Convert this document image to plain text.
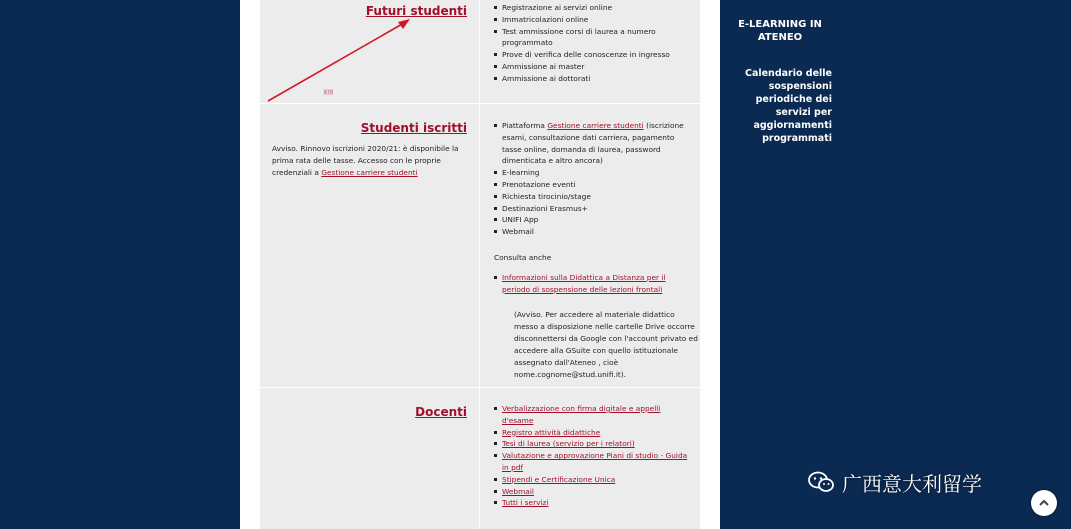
Futuri studenti
见图
Registrazione ai servizi online
Immatricolazioni online
Test ammissione corsi di laurea a numero programmato
Prove di verifica delle conoscenze in ingresso
Ammissione ai master
Ammissione ai dottorati
Studenti iscritti

Avviso. Rinnovo iscrizioni 2020/21: è disponibile la prima rata delle tasse. Accesso con le proprie credenziali a Gestione carriere studenti

Piattaforma Gestione carriere studenti (iscrizione esami, consultazione dati carriera, pagamento tasse online, domanda di laurea, password dimenticata e altro ancora)
E-learning
Prenotazione eventi
Richiesta tirocinio/stage
Destinazioni Erasmus+
UNIFI App
Webmail

Consulta anche

Informazioni sulla Didattica a Distanza per il periodo di sospensione delle lezioni frontali

(Avviso. Per accedere al materiale didattico messo a disposizione nelle cartelle Drive occorre disconnettersi da Google con l'account privato ed accedere alla GSuite con quello istituzionale assegnato dall'Ateneo , cioè nome.cognome@stud.unifi.it).

Docenti	Verbalizzazione con firma digitale e appelli d'esame
Registro attività didattiche
Tesi di laurea (servizio per i relatori)
Valutazione e approvazione Piani di studio - Guida in pdf
Stipendi e Certificazione Unica
Webmail
Tutti i servizi
E-LEARNING IN ATENEO
Calendario delle sospensioni periodiche dei servizi per aggiornamenti programmati
广西意大利留学
